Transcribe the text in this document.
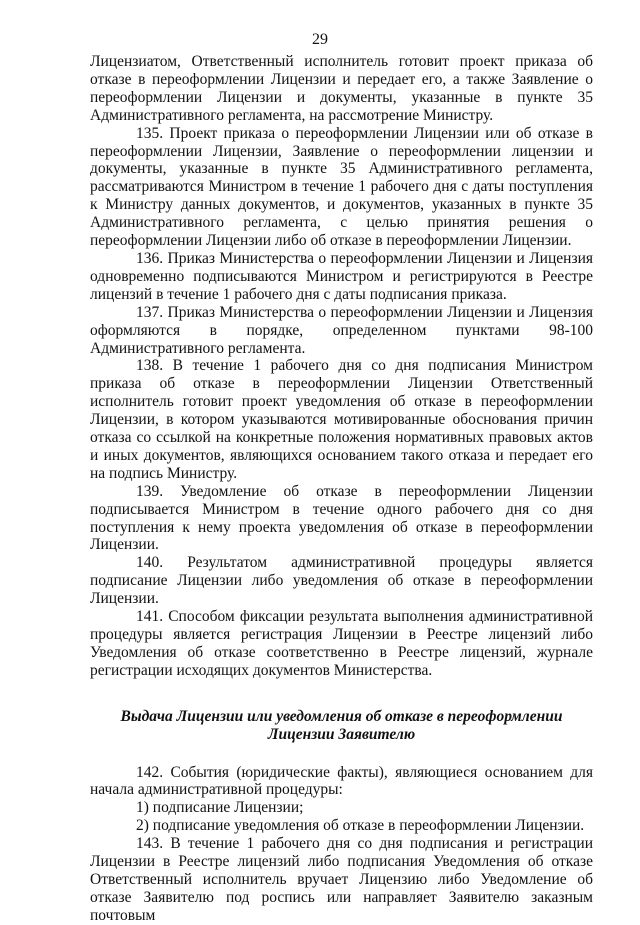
29

Лицензиатом, Ответственный исполнитель готовит проект приказа об отказе в переоформлении Лицензии и передает его, а также Заявление о переоформлении Лицензии и документы, указанные в пункте 35 Административного регламента, на рассмотрение Министру.

135. Проект приказа о переоформлении Лицензии или об отказе в переоформлении Лицензии, Заявление о переоформлении лицензии и документы, указанные в пункте 35 Административного регламента, рассматриваются Министром в течение 1 рабочего дня с даты поступления к Министру данных документов, и документов, указанных в пункте 35 Административного регламента, с целью принятия решения о переоформлении Лицензии либо об отказе в переоформлении Лицензии.

136. Приказ Министерства о переоформлении Лицензии и Лицензия одновременно подписываются Министром и регистрируются в Реестре лицензий в течение 1 рабочего дня с даты подписания приказа.

137. Приказ Министерства о переоформлении Лицензии и Лицензия оформляются в порядке, определенном пунктами 98-100 Административного регламента.

138. В течение 1 рабочего дня со дня подписания Министром приказа об отказе в переоформлении Лицензии Ответственный исполнитель готовит проект уведомления об отказе в переоформлении Лицензии, в котором указываются мотивированные обоснования причин отказа со ссылкой на конкретные положения нормативных правовых актов и иных документов, являющихся основанием такого отказа и передает его на подпись Министру.

139. Уведомление об отказе в переоформлении Лицензии подписывается Министром в течение одного рабочего дня со дня поступления к нему проекта уведомления об отказе в переоформлении Лицензии.

140. Результатом административной процедуры является подписание Лицензии либо уведомления об отказе в переоформлении Лицензии.

141. Способом фиксации результата выполнения административной процедуры является регистрация Лицензии в Реестре лицензий либо Уведомления об отказе соответственно в Реестре лицензий, журнале регистрации исходящих документов Министерства.

Выдача Лицензии или уведомления об отказе в переоформлении Лицензии Заявителю

142. События (юридические факты), являющиеся основанием для начала административной процедуры:

1) подписание Лицензии;

2) подписание уведомления об отказе в переоформлении Лицензии.

143. В течение 1 рабочего дня со дня подписания и регистрации Лицензии в Реестре лицензий либо подписания Уведомления об отказе Ответственный исполнитель вручает Лицензию либо Уведомление об отказе Заявителю под роспись или направляет Заявителю заказным почтовым
